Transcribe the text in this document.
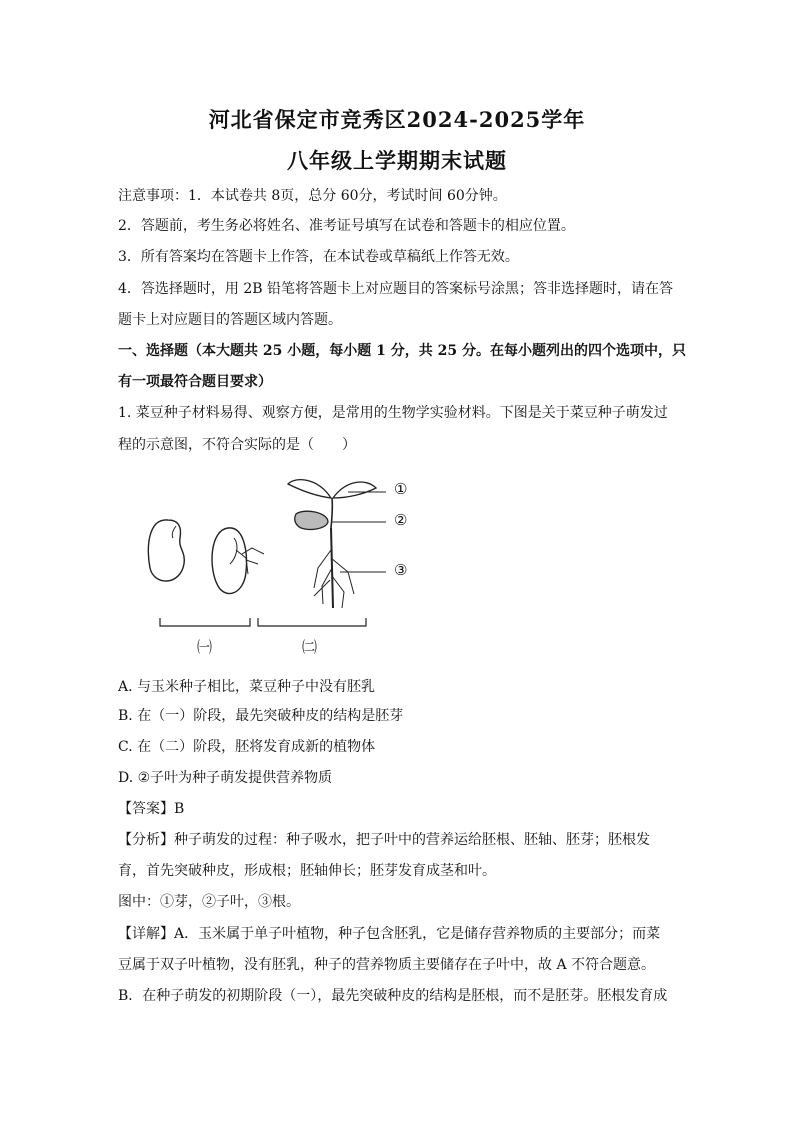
河北省保定市竞秀区2024-2025学年
八年级上学期期末试题
注意事项：1．本试卷共 8页，总分 60分，考试时间 60分钟。
2．答题前，考生务必将姓名、准考证号填写在试卷和答题卡的相应位置。
3．所有答案均在答题卡上作答，在本试卷或草稿纸上作答无效。
4．答选择题时，用 2B 铅笔将答题卡上对应题目的答案标号涂黑；答非选择题时，请在答
题卡上对应题目的答题区域内答题。
一、选择题（本大题共 25 小题，每小题 1 分，共 25 分。在每小题列出的四个选项中，只
有一项最符合题目要求）
1. 菜豆种子材料易得、观察方便，是常用的生物学实验材料。下图是关于菜豆种子萌发过
程的示意图，不符合实际的是（　　）
①
②
③
㈠	㈡
A. 与玉米种子相比，菜豆种子中没有胚乳
B. 在（一）阶段，最先突破种皮的结构是胚芽
C. 在（二）阶段，胚将发育成新的植物体
D. ②子叶为种子萌发提供营养物质
【答案】B
【分析】种子萌发的过程：种子吸水，把子叶中的营养运给胚根、胚轴、胚芽；胚根发
育，首先突破种皮，形成根；胚轴伸长；胚芽发育成茎和叶。
图中：①芽，②子叶，③根。
【详解】A．玉米属于单子叶植物，种子包含胚乳，它是储存营养物质的主要部分；而菜
豆属于双子叶植物，没有胚乳，种子的营养物质主要储存在子叶中，故 A 不符合题意。
B．在种子萌发的初期阶段（一），最先突破种皮的结构是胚根，而不是胚芽。胚根发育成
